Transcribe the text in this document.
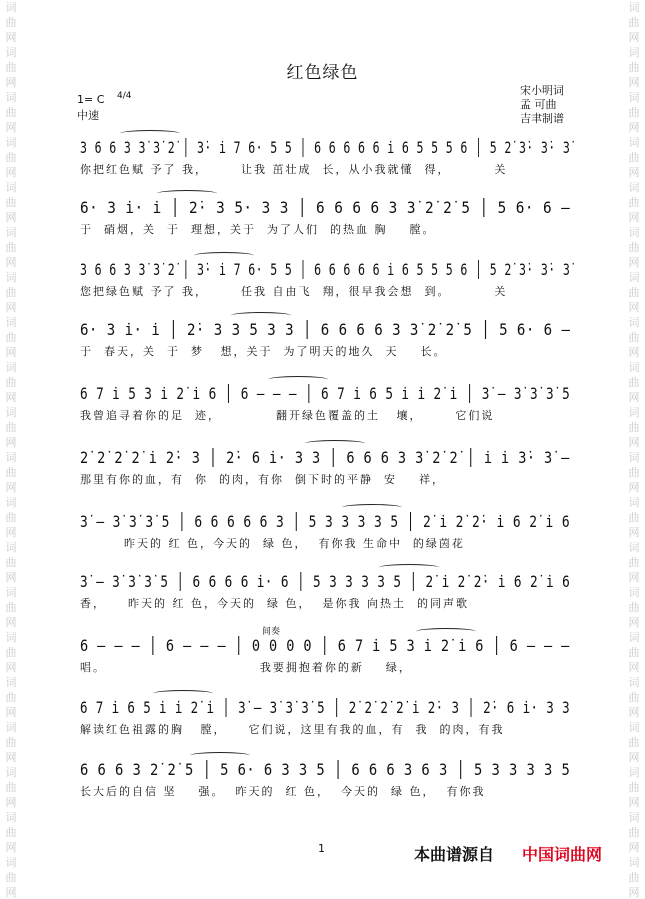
词
曲
网
词
曲
网
词
曲
网
词
曲
网
词
曲
网
词
曲
网
词
曲
网
词
曲
网
词
曲
网
词
曲
网
词
曲
网
词
曲
网
词
曲
网
词
曲
网
词
曲
网
词
曲
网
词
曲
网
词
曲
网
词
曲
网
词
曲
网
词
曲
网
词
曲
网
词
曲
网
词
曲
网
词
曲
网
词
曲
网
词
曲
网
词
曲
网
词
曲
网
词
曲
网
词
曲
网
词
曲
网
词
曲
网
词
曲
网
词
曲
网
词
曲
网
词
曲
网
词
曲
网
词
曲
网
词
曲
网
红色绿色
1= C 4/4
中速
宋小明词
孟 可曲
吉聿制谱
3 6 6 3 3̇ 3̇ 2̇ │ 3̇· i̇ 7 6· 5 5 │ 6 6 6 6 6 i̇ 6 5 5 5 6 │ 5 2̇ 3̇· 3̇· 3̇
你把红色赋 予了 我，      让我 茁壮成  长，从小我就懂  得，        关
6· 3 i̇· i̇ │ 2̇· 3 5· 3 3 │ 6 6 6 6 3 3̇ 2̇ 2̇ 5 │ 5 6· 6 —
于  硝烟，关  于  理想，关于  为了人们  的热血 胸    膛。
3 6 6 3 3̇ 3̇ 2̇ │ 3̇· i̇ 7 6· 5 5 │ 6 6 6 6 6 i̇ 6 5 5 5 6 │ 5 2̇ 3̇· 3̇· 3̇
您把绿色赋 予了 我，      任我 自由飞  翔，很早我会想  到。        关
6· 3 i̇· i̇ │ 2̇· 3 3 5 3 3 │ 6 6 6 6 3 3̇ 2̇ 2̇ 5 │ 5 6· 6 —
于  春天，关  于  梦   想，关于  为了明天的地久  天    长。
6 7 i̇ 5 3 i̇ 2̇ i̇ 6 │ 6 — — — │ 6 7 i̇ 6 5 i̇ i̇ 2̇ i̇ │ 3̇ — 3̇ 3̇ 3̇ 5
我曾追寻着你的足  迹，          翻开绿色覆盖的土   壤，      它们说
2̇ 2̇ 2̇ 2̇ i̇ 2̇· 3 │ 2̇· 6 i̇· 3 3 │ 6 6 6 3 3̇ 2̇ 2̇ │ i̇ i̇ 3̇· 3̇ —
那里有你的血，有  你  的肉，有你  倒下时的平静  安    祥，
3̇ — 3̇ 3̇ 3̇ 5 │ 6 6 6 6 6 3 │ 5 3 3 3 3 5 │ 2̇ i̇ 2̇ 2̇· i̇ 6 2̇ i̇ 6
昨天的 红 色，今天的  绿 色，  有你我 生命中  的绿茵花
3̇ — 3̇ 3̇ 3̇ 5 │ 6 6 6 6 i̇· 6 │ 5 3 3 3 3 5 │ 2̇ i̇ 2̇ 2̇· i̇ 6 2̇ i̇ 6
香，    昨天的 红 色，今天的  绿 色，  是你我 向热土  的同声歌
6 — — — │ 6 — — — │ 0 0 0 0 │ 6 7 i̇ 5 3 i̇ 2̇ i̇ 6 │ 6 — — —
唱。                            我要拥抱着你的新    绿，
6 7 i̇ 6 5 i̇ i̇ 2̇ i̇ │ 3̇ — 3̇ 3̇ 3̇ 5 │ 2̇ 2̇ 2̇ 2̇ i̇ 2̇· 3 │ 2̇· 6 i̇· 3 3
解读红色祖露的胸   膛，    它们说，这里有我的血，有  我  的肉，有我
6 6 6 3 2̇ 2̇ 5 │ 5 6· 6 3 3 5 │ 6 6 6 3 6 3 │ 5 3 3 3 3 5
长大后的自信 坚    强。  昨天的  红 色，  今天的  绿 色，  有你我
间奏
1	本曲谱源自 中国词曲网
